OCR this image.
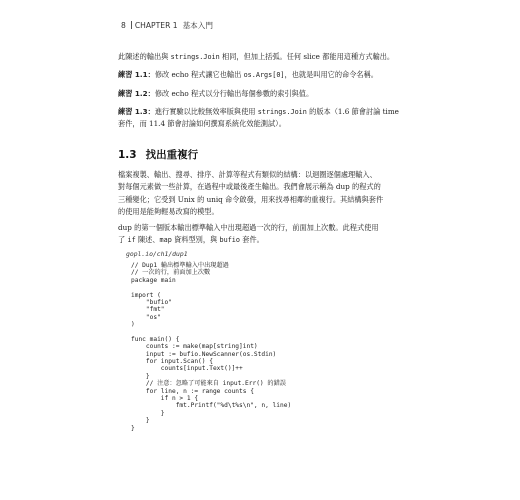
8 CHAPTER 1 基本入門

此陳述的輸出與 strings.Join 相同，但加上括弧。任何 slice 都能用這種方式輸出。

練習 1.1：修改 echo 程式讓它也輸出 os.Args[0]，也就是叫用它的命令名稱。

練習 1.2：修改 echo 程式以分行輸出每個參數的索引與值。

練習 1.3：進行實驗以比較無效率版與使用 strings.Join 的版本（1.6 節會討論 time
套件，而 11.4 節會討論如何撰寫系統化效能測試）。

1.3 找出重複行

檔案複製、輸出、搜尋、排序、計算等程式有類似的結構：以迴圈逐個處理輸入、
對每個元素做一些計算，在過程中或最後產生輸出。我們會展示稱為 dup 的程式的
三種變化；它受到 Unix 的 uniq 命令啟發，用來找尋相鄰的重複行。其結構與套件
的使用是能夠輕易改寫的模型。

dup 的第一個版本輸出標準輸入中出現超過一次的行，前面加上次數。此程式使用
了 if 陳述、map 資料型別，與 bufio 套件。

gopl.io/ch1/dup1
// Dup1 輸出標準輸入中出現超過
// 一次的行，前面加上次數
package main
import (
"bufio"
"fmt"
"os"
)
func main() {
counts := make(map[string]int)
input := bufio.NewScanner(os.Stdin)
for input.Scan() {
counts[input.Text()]++
}
// 注意：忽略了可能來自 input.Err() 的錯誤
for line, n := range counts {
if n > 1 {
fmt.Printf("%d\t%s\n", n, line)
}
}
}
